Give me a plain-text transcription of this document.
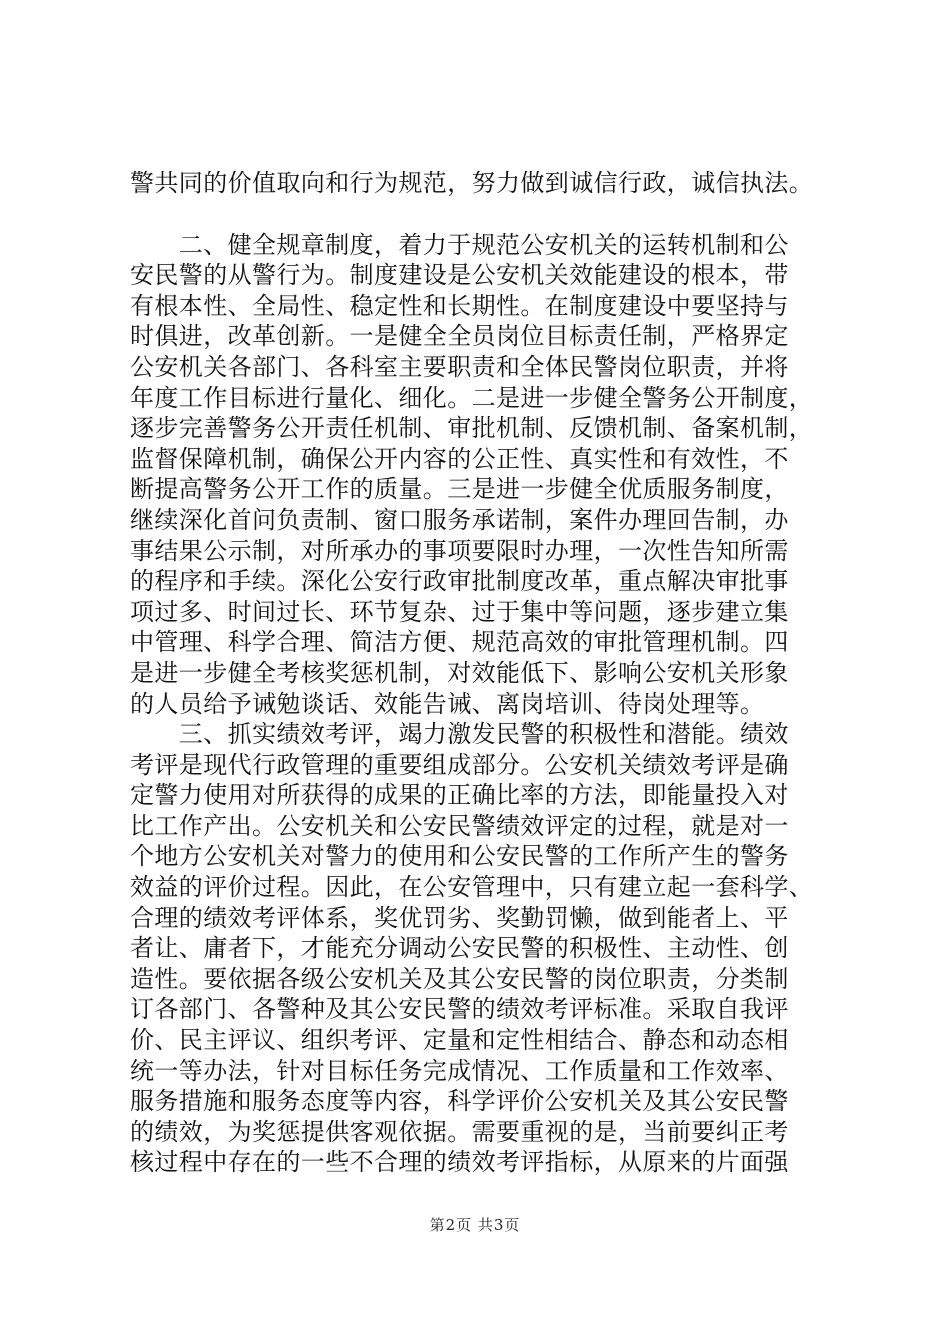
警共同的价值取向和行为规范，努力做到诚信行政，诚信执法。
　　二、健全规章制度，着力于规范公安机关的运转机制和公
安民警的从警行为。制度建设是公安机关效能建设的根本，带
有根本性、全局性、稳定性和长期性。在制度建设中要坚持与
时俱进，改革创新。一是健全全员岗位目标责任制，严格界定
公安机关各部门、各科室主要职责和全体民警岗位职责，并将
年度工作目标进行量化、细化。二是进一步健全警务公开制度，
逐步完善警务公开责任机制、审批机制、反馈机制、备案机制，
监督保障机制，确保公开内容的公正性、真实性和有效性，不
断提高警务公开工作的质量。三是进一步健全优质服务制度，
继续深化首问负责制、窗口服务承诺制，案件办理回告制，办
事结果公示制，对所承办的事项要限时办理，一次性告知所需
的程序和手续。深化公安行政审批制度改革，重点解决审批事
项过多、时间过长、环节复杂、过于集中等问题，逐步建立集
中管理、科学合理、简洁方便、规范高效的审批管理机制。四
是进一步健全考核奖惩机制，对效能低下、影响公安机关形象
的人员给予诫勉谈话、效能告诫、离岗培训、待岗处理等。
　　三、抓实绩效考评，竭力激发民警的积极性和潜能。绩效
考评是现代行政管理的重要组成部分。公安机关绩效考评是确
定警力使用对所获得的成果的正确比率的方法，即能量投入对
比工作产出。公安机关和公安民警绩效评定的过程，就是对一
个地方公安机关对警力的使用和公安民警的工作所产生的警务
效益的评价过程。因此，在公安管理中，只有建立起一套科学、
合理的绩效考评体系，奖优罚劣、奖勤罚懒，做到能者上、平
者让、庸者下，才能充分调动公安民警的积极性、主动性、创
造性。要依据各级公安机关及其公安民警的岗位职责，分类制
订各部门、各警种及其公安民警的绩效考评标准。采取自我评
价、民主评议、组织考评、定量和定性相结合、静态和动态相
统一等办法，针对目标任务完成情况、工作质量和工作效率、
服务措施和服务态度等内容，科学评价公安机关及其公安民警
的绩效，为奖惩提供客观依据。需要重视的是，当前要纠正考
核过程中存在的一些不合理的绩效考评指标，从原来的片面强
第2页 共3页
